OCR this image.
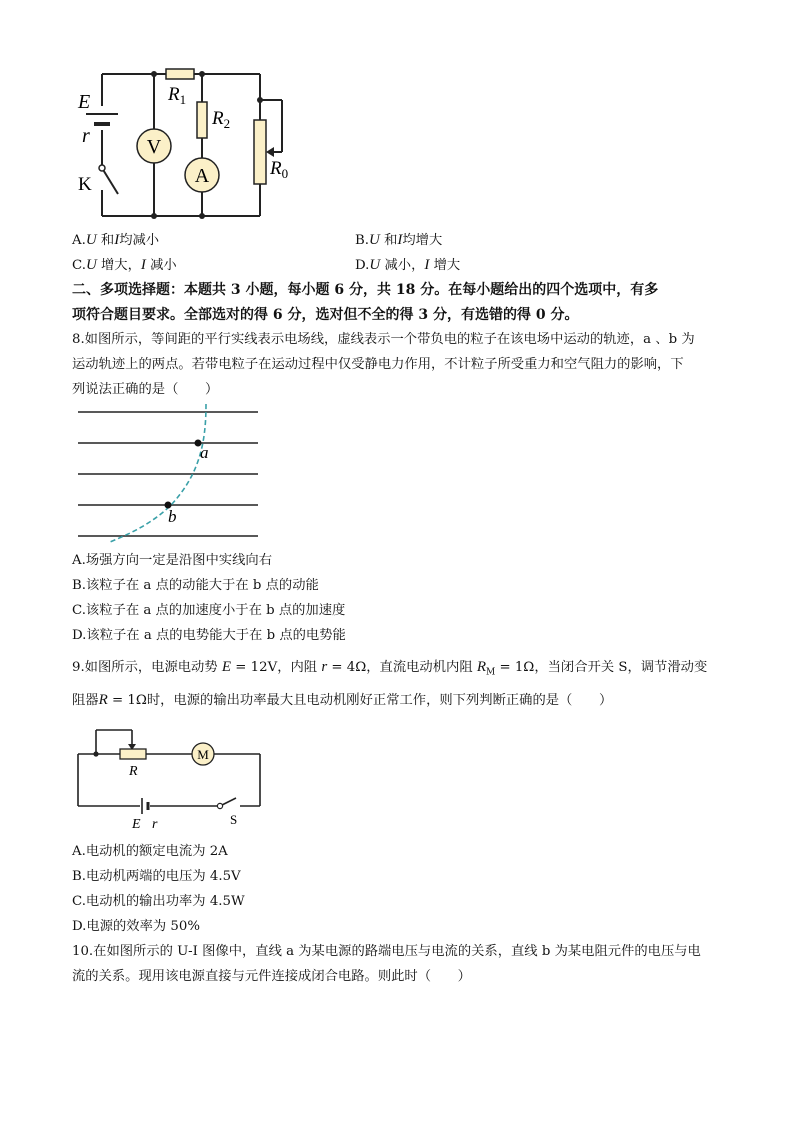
V
A
E
r
K
$R_1$
$R_2$
$R_0$
A.U 和I均减小	B.U 和I均增大
C.U 增大，I 减小	D.U 减小，I 增大
二、多项选择题：本题共 3 小题，每小题 6 分，共 18 分。在每小题给出的四个选项中，有多
项符合题目要求。全部选对的得 6 分，选对但不全的得 3 分，有选错的得 0 分。
8.如图所示，等间距的平行实线表示电场线，虚线表示一个带负电的粒子在该电场中运动的轨迹，a 、b 为
运动轨迹上的两点。若带电粒子在运动过程中仅受静电力作用，不计粒子所受重力和空气阻力的影响，下
列说法正确的是（　　）
a
b
A.场强方向一定是沿图中实线向右
B.该粒子在 a 点的动能大于在 b 点的动能
C.该粒子在 a 点的加速度小于在 b 点的加速度
D.该粒子在 a 点的电势能大于在 b 点的电势能
9.如图所示，电源电动势 E = 12V，内阻 r = 4Ω，直流电动机内阻 $R_M = 1\Omega$，当闭合开关 S，调节滑动变
阻器R = 1Ω时，电源的输出功率最大且电动机刚好正常工作，则下列判断正确的是（　　）
M
R
E r	S
A.电动机的额定电流为 2A
B.电动机两端的电压为 4.5V
C.电动机的输出功率为 4.5W
D.电源的效率为 50%
10.在如图所示的 U-I 图像中，直线 a 为某电源的路端电压与电流的关系，直线 b 为某电阻元件的电压与电
流的关系。现用该电源直接与元件连接成闭合电路。则此时（　　）
